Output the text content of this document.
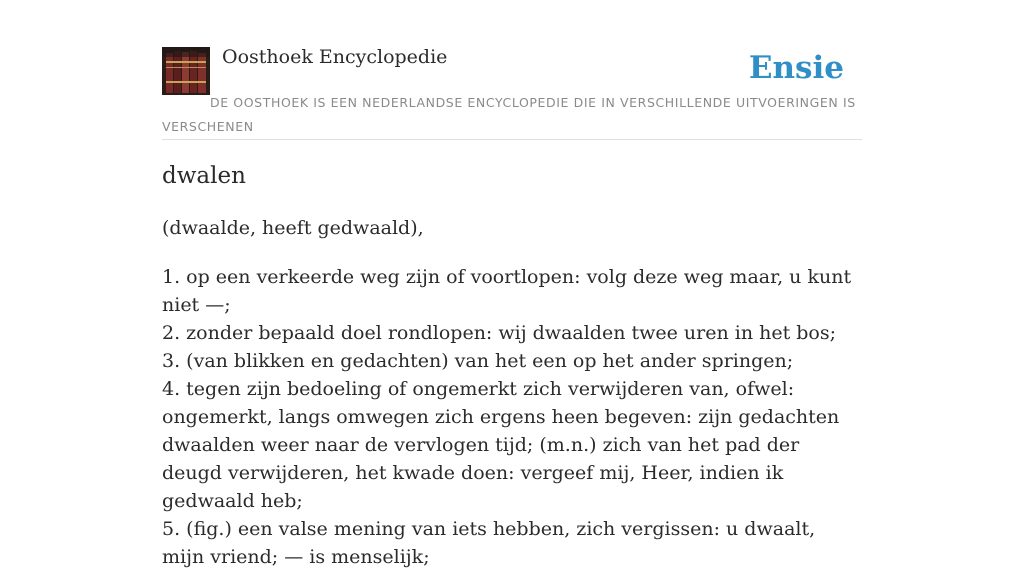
Oosthoek Encyclopedie	Ensie
DE OOSTHOEK IS EEN NEDERLANDSE ENCYCLOPEDIE DIE IN VERSCHILLENDE UITVOERINGEN IS VERSCHENEN
dwalen

(dwaalde, heeft gedwaald),

1. op een verkeerde weg zijn of voortlopen: volg deze weg maar, u kunt niet —;
2. zonder bepaald doel rondlopen: wij dwaalden twee uren in het bos;
3. (van blikken en gedachten) van het een op het ander springen;
4. tegen zijn bedoeling of ongemerkt zich verwijderen van, ofwel: ongemerkt, langs omwegen zich ergens heen begeven: zijn gedachten dwaalden weer naar de vervlogen tijd; (m.n.) zich van het pad der deugd verwijderen, het kwade doen: vergeef mij, Heer, indien ik gedwaald heb;
5. (fig.) een valse mening van iets hebben, zich vergissen: u dwaalt, mijn vriend; — is menselijk;
